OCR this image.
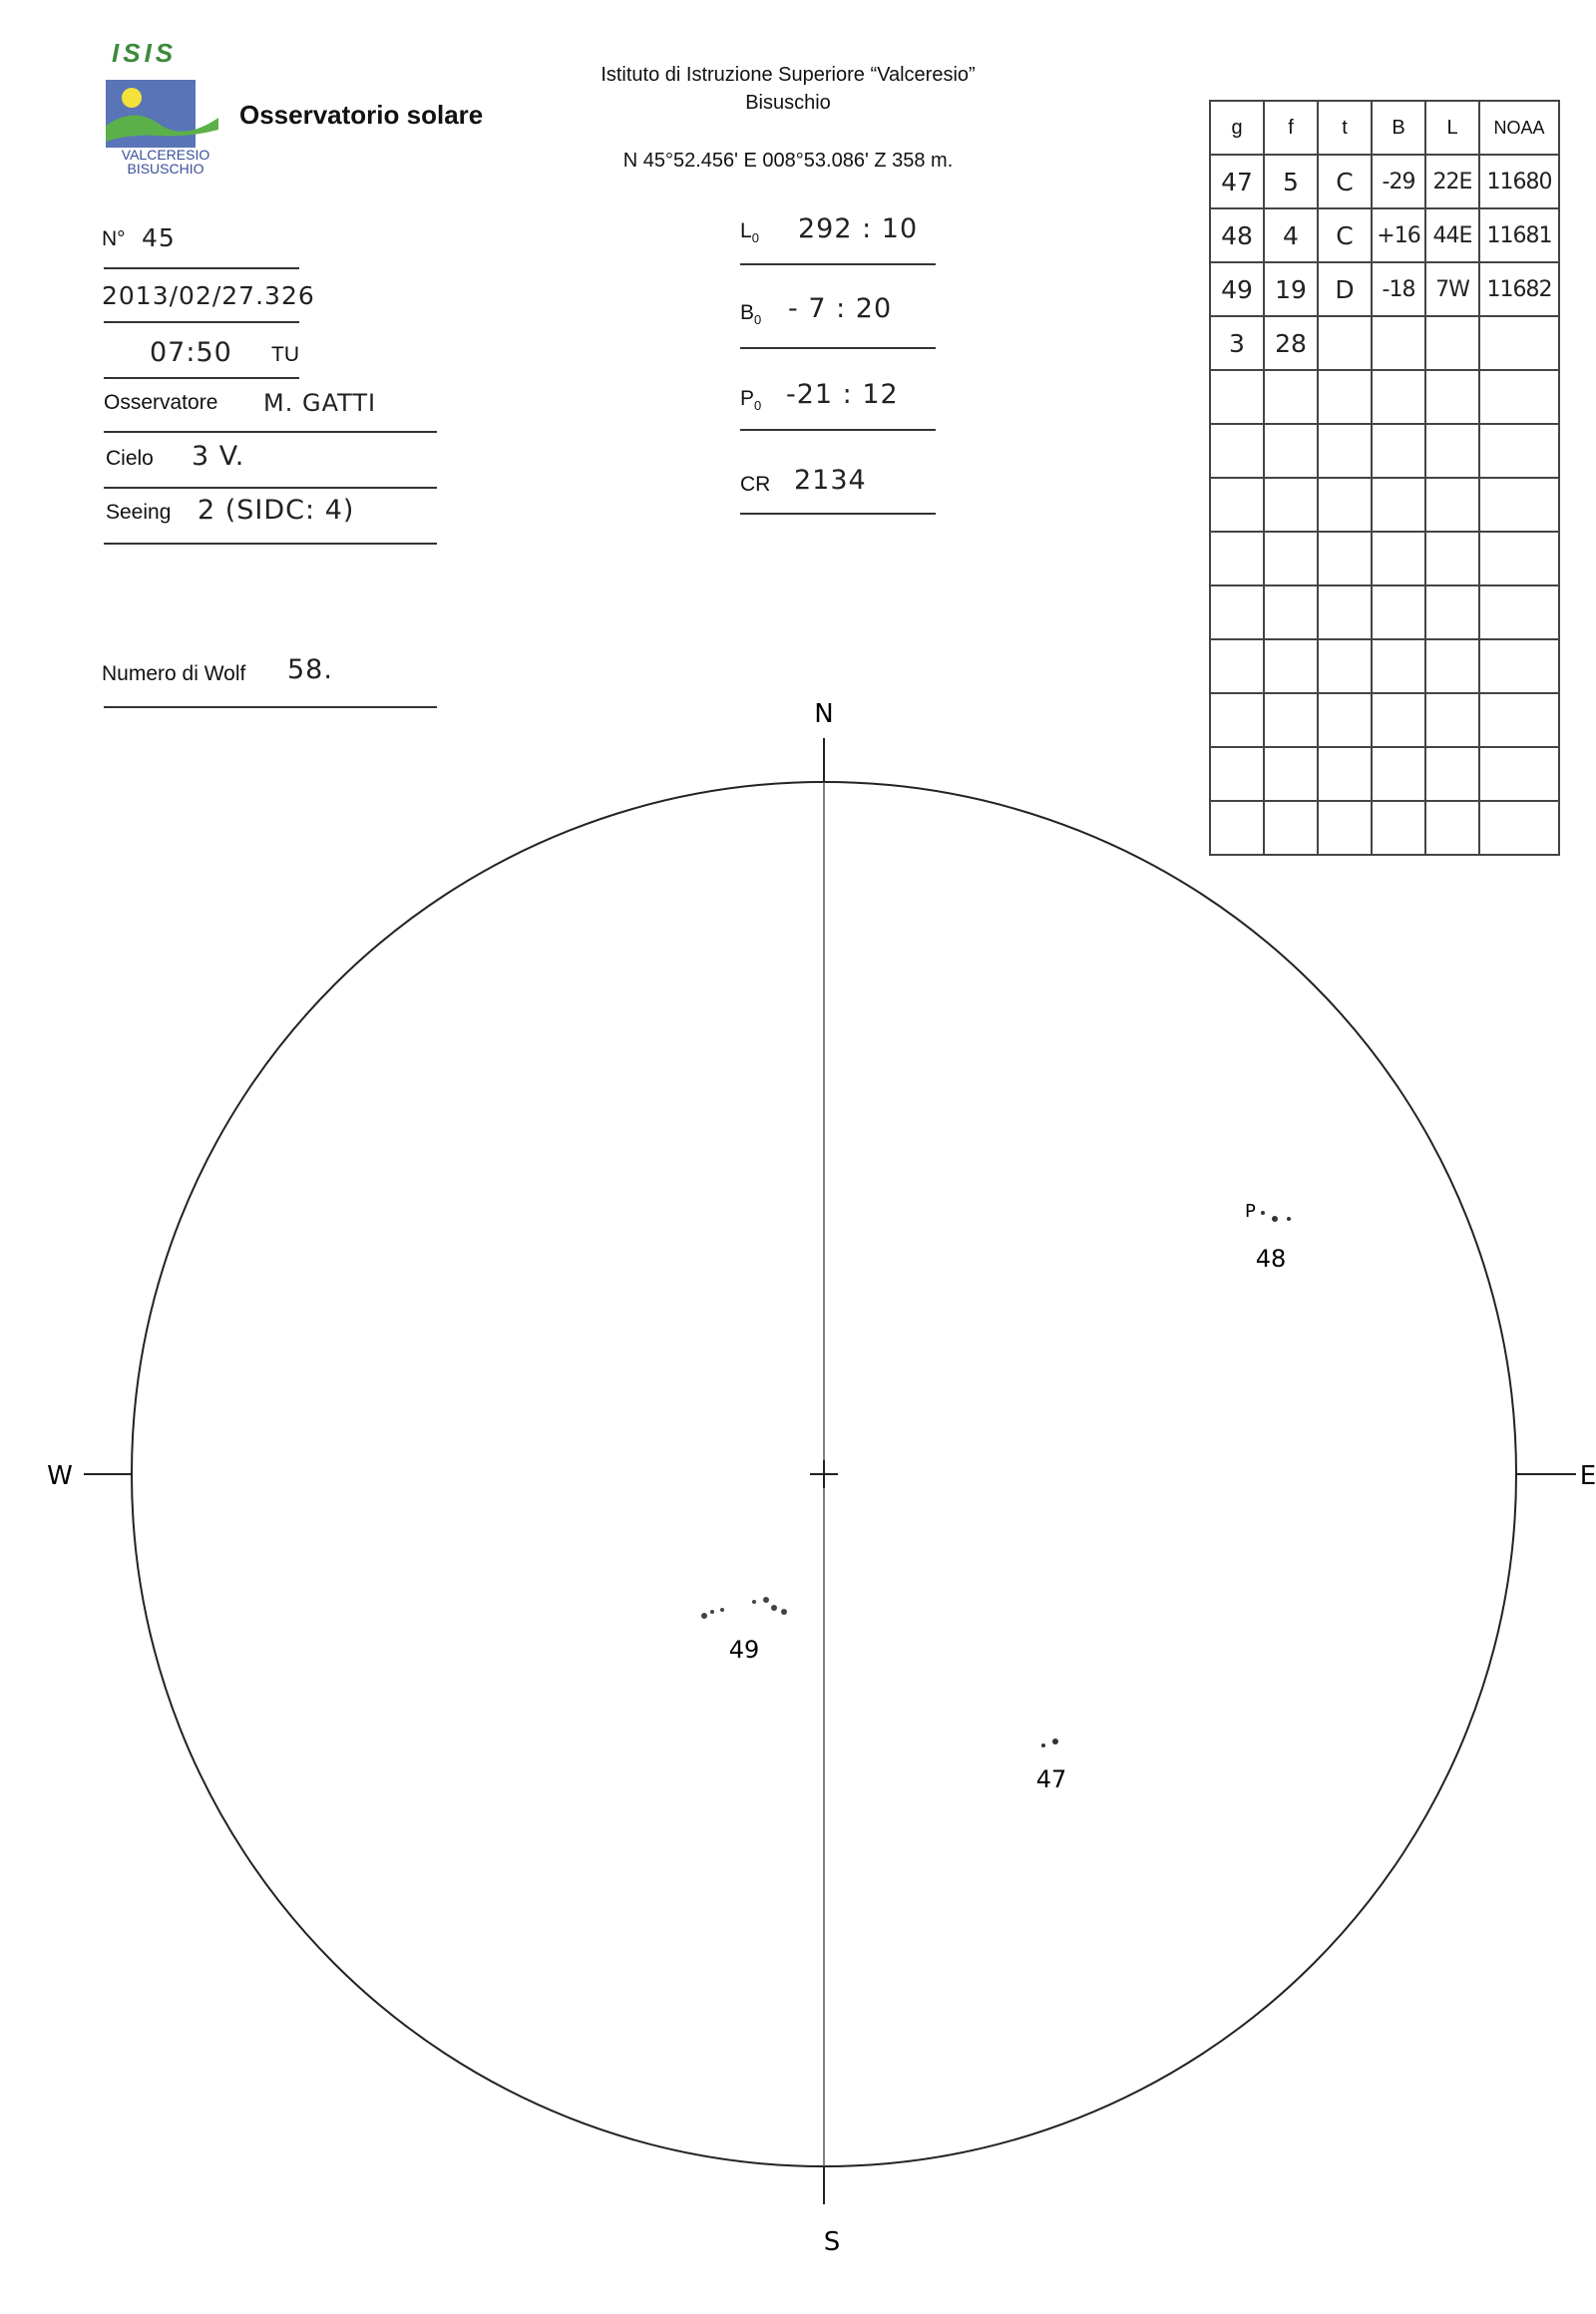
ISIS
VALCERESIO
BISUSCHIO
Osservatorio solare
Istituto di Istruzione Superiore “Valceresio”
Bisuschio
N 45°52.456' E 008°53.086' Z 358 m.
N° 45
2013/02/27.326
07:50 TU
Osservatore M. GATTI
Cielo 3 V.
Seeing 2 (SIDC: 4)
Numero di Wolf 58.
$L_0$ 292 : 10
$B_0 - 7$ : 20
$P_0$ -21 : 12
CR 2134
g	f	t	B	L	NOAA
47	5	C	-29	22E	11680
48	4	C	+16	44E	11681
49	19	D	-18	7W	11682
3	28				

N
S
W	E
P
48
49
47
